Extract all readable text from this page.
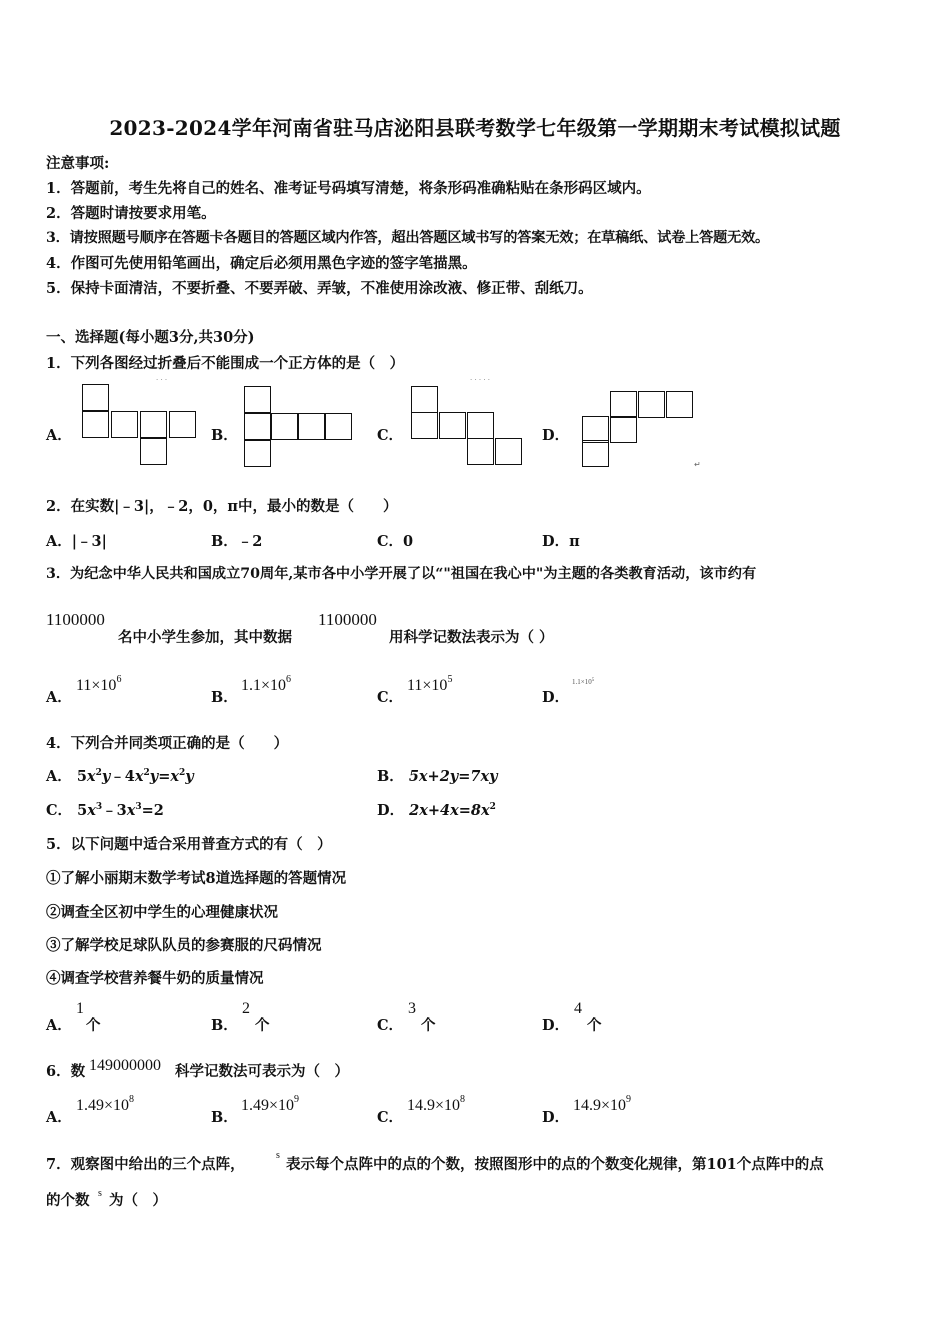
2023-2024学年河南省驻马店泌阳县联考数学七年级第一学期期末考试模拟试题
注意事项:
1．答题前，考生先将自己的姓名、准考证号码填写清楚，将条形码准确粘贴在条形码区域内。
2．答题时请按要求用笔。
3．请按照题号顺序在答题卡各题目的答题区域内作答，超出答题区域书写的答案无效；在草稿纸、试卷上答题无效。
4．作图可先使用铅笔画出，确定后必须用黑色字迹的签字笔描黑。
5．保持卡面清洁，不要折叠、不要弄破、弄皱，不准使用涂改液、修正带、刮纸刀。
一、选择题(每小题3分,共30分)
1．下列各图经过折叠后不能围成一个正方体的是（　）
A．
· · ·
B．	C．
· · · · ·
D．
↵
2．在实数|﹣3|，﹣2，0，π中，最小的数是（　　）
A．|﹣3|	B．﹣2	C．0	D．π
3．为纪念中华人民共和国成立70周年,某市各中小学开展了以“"祖国在我心中"为主题的各类教育活动，该市约有
1100000
名中小学生参加，其中数据
1100000
用科学记数法表示为（ ）
A．
$11\times 10^6$
B．
$1.1\times 10^6$
C．
$11\times 10^5$
D．
$1.1\times 10^5$
4．下列合并同类项正确的是（　　）
A． $5x^2y﹣4x^2y=x^2y$	B． 5x+2y=7xy
C． $5x^3﹣3x^3=2$	D． $2x+4x=8x^2$
5．以下问题中适合采用普查方式的有（　）
①了解小丽期末数学考试8道选择题的答题情况
②调查全区初中学生的心理健康状况
③了解学校足球队队员的参赛服的尺码情况
④调查学校营养餐牛奶的质量情况
A．
1
个	B．
2
个	C．
3
个	D．
4
个
6．数 149000000 科学记数法可表示为（　）
A．
$1.49\times 10^8$
B．
$1.49\times 10^9$
C．
$14.9\times 10^8$
D．
$14.9\times 10^9$
7．观察图中给出的三个点阵，
s
表示每个点阵中的点的个数，按照图形中的点的个数变化规律，第101个点阵中的点
的个数 s 为（　）
